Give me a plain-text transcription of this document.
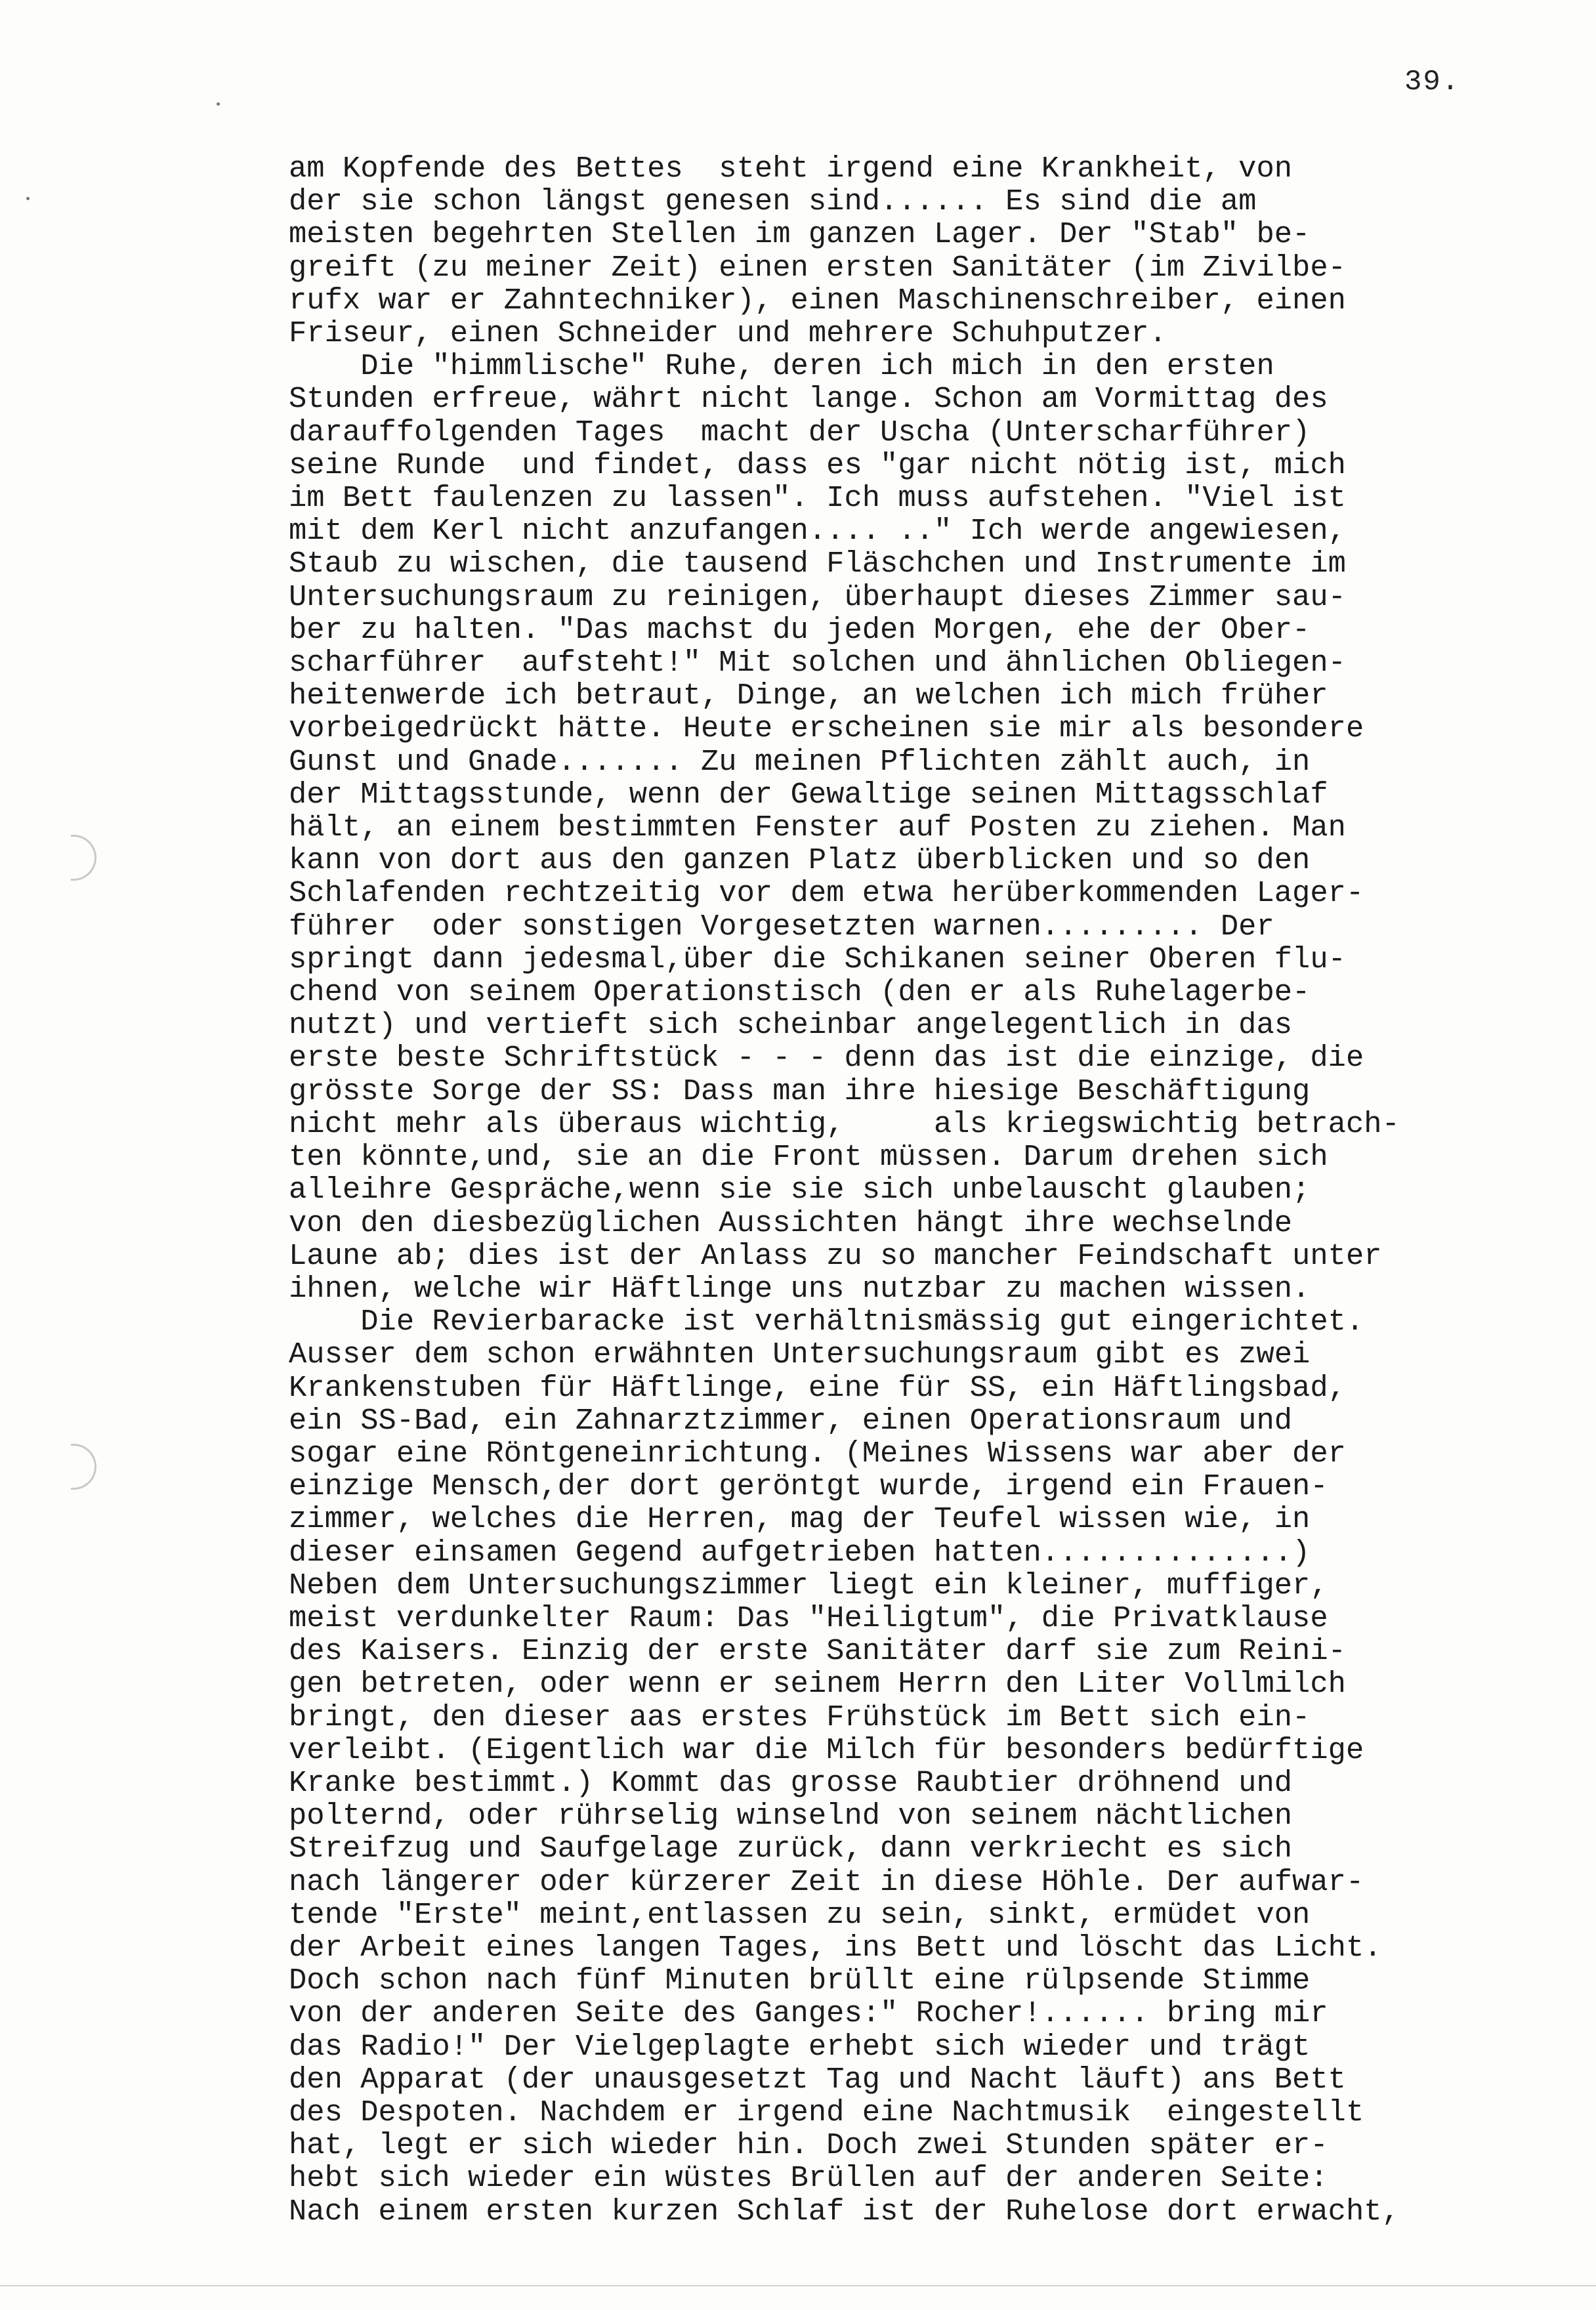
39.
am Kopfende des Bettes  steht irgend eine Krankheit, von
der sie schon längst genesen sind...... Es sind die am
meisten begehrten Stellen im ganzen Lager. Der "Stab" be-
greift (zu meiner Zeit) einen ersten Sanitäter (im Zivilbe-
rufx war er Zahntechniker), einen Maschinenschreiber, einen
Friseur, einen Schneider und mehrere Schuhputzer.
Die "himmlische" Ruhe, deren ich mich in den ersten
Stunden erfreue, währt nicht lange. Schon am Vormittag des
darauffolgenden Tages  macht der Uscha (Unterscharführer)
seine Runde  und findet, dass es "gar nicht nötig ist, mich
im Bett faulenzen zu lassen". Ich muss aufstehen. "Viel ist
mit dem Kerl nicht anzufangen.... .." Ich werde angewiesen,
Staub zu wischen, die tausend Fläschchen und Instrumente im
Untersuchungsraum zu reinigen, überhaupt dieses Zimmer sau-
ber zu halten. "Das machst du jeden Morgen, ehe der Ober-
scharführer  aufsteht!" Mit solchen und ähnlichen Obliegen-
heitenwerde ich betraut, Dinge, an welchen ich mich früher
vorbeigedrückt hätte. Heute erscheinen sie mir als besondere
Gunst und Gnade....... Zu meinen Pflichten zählt auch, in
der Mittagsstunde, wenn der Gewaltige seinen Mittagsschlaf
hält, an einem bestimmten Fenster auf Posten zu ziehen. Man
kann von dort aus den ganzen Platz überblicken und so den
Schlafenden rechtzeitig vor dem etwa herüberkommenden Lager-
führer  oder sonstigen Vorgesetzten warnen......... Der
springt dann jedesmal,über die Schikanen seiner Oberen flu-
chend von seinem Operationstisch (den er als Ruhelagerbe-
nutzt) und vertieft sich scheinbar angelegentlich in das
erste beste Schriftstück - - - denn das ist die einzige, die
grösste Sorge der SS: Dass man ihre hiesige Beschäftigung
nicht mehr als überaus wichtig,     als kriegswichtig betrach-
ten könnte,und, sie an die Front müssen. Darum drehen sich
alleihre Gespräche,wenn sie sie sich unbelauscht glauben;
von den diesbezüglichen Aussichten hängt ihre wechselnde
Laune ab; dies ist der Anlass zu so mancher Feindschaft unter
ihnen, welche wir Häftlinge uns nutzbar zu machen wissen.
Die Revierbaracke ist verhältnismässig gut eingerichtet.
Ausser dem schon erwähnten Untersuchungsraum gibt es zwei
Krankenstuben für Häftlinge, eine für SS, ein Häftlingsbad,
ein SS-Bad, ein Zahnarztzimmer, einen Operationsraum und
sogar eine Röntgeneinrichtung. (Meines Wissens war aber der
einzige Mensch,der dort geröntgt wurde, irgend ein Frauen-
zimmer, welches die Herren, mag der Teufel wissen wie, in
dieser einsamen Gegend aufgetrieben hatten..............)
Neben dem Untersuchungszimmer liegt ein kleiner, muffiger,
meist verdunkelter Raum: Das "Heiligtum", die Privatklause
des Kaisers. Einzig der erste Sanitäter darf sie zum Reini-
gen betreten, oder wenn er seinem Herrn den Liter Vollmilch
bringt, den dieser aas erstes Frühstück im Bett sich ein-
verleibt. (Eigentlich war die Milch für besonders bedürftige
Kranke bestimmt.) Kommt das grosse Raubtier dröhnend und
polternd, oder rührselig winselnd von seinem nächtlichen
Streifzug und Saufgelage zurück, dann verkriecht es sich
nach längerer oder kürzerer Zeit in diese Höhle. Der aufwar-
tende "Erste" meint,entlassen zu sein, sinkt, ermüdet von
der Arbeit eines langen Tages, ins Bett und löscht das Licht.
Doch schon nach fünf Minuten brüllt eine rülpsende Stimme
von der anderen Seite des Ganges:" Rocher!...... bring mir
das Radio!" Der Vielgeplagte erhebt sich wieder und trägt
den Apparat (der unausgesetzt Tag und Nacht läuft) ans Bett
des Despoten. Nachdem er irgend eine Nachtmusik  eingestellt
hat, legt er sich wieder hin. Doch zwei Stunden später er-
hebt sich wieder ein wüstes Brüllen auf der anderen Seite:
Nach einem ersten kurzen Schlaf ist der Ruhelose dort erwacht,
